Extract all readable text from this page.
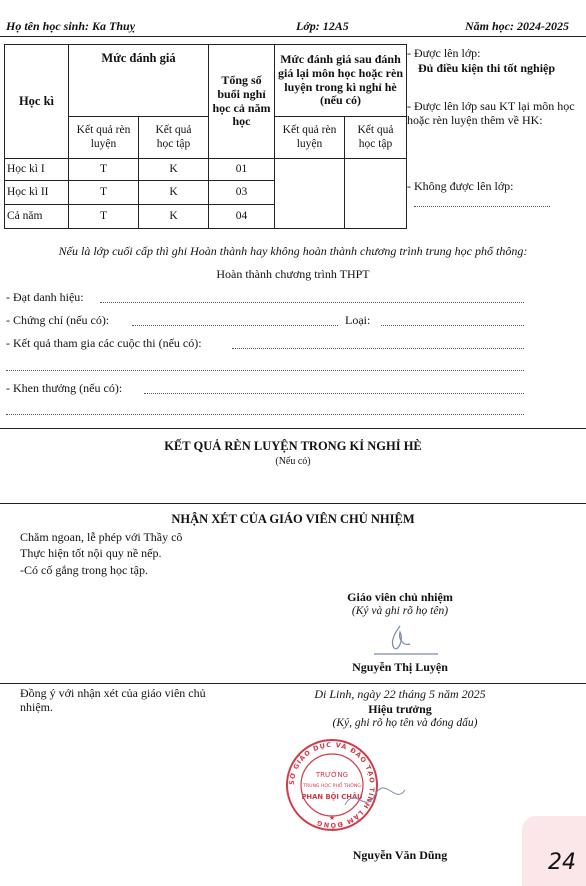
Họ tên học sinh: Ka Thuỵ	Lớp: 12A5	Năm học: 2024-2025
Học kì	Mức đánh giá		Tổng số buổi nghỉ học cả năm học	Mức đánh giá sau đánh giá lại môn học hoặc rèn luyện trong kì nghỉ hè (nếu có)	
	Kết quả rèn luyện	Kết quả học tập		Kết quả rèn luyện	Kết quả học tập
Học kì I	T	K	01		
Học kì II	T	K	03		
Cả năm	T	K	04		
- Được lên lớp:
Đủ điều kiện thi tốt nghiệp
- Được lên lớp sau KT lại môn học hoặc rèn luyện thêm về HK:
- Không được lên lớp:
Nếu là lớp cuối cấp thì ghi Hoàn thành hay không hoàn thành chương trình trung học phổ thông:
Hoàn thành chương trình THPT
- Đạt danh hiệu:
- Chứng chỉ (nếu có):	Loại:
- Kết quả tham gia các cuộc thi (nếu có):
- Khen thưởng (nếu có):
KẾT QUẢ RÈN LUYỆN TRONG KỈ NGHỈ HÈ
(Nếu có)
NHẬN XÉT CỦA GIÁO VIÊN CHỦ NHIỆM
Chăm ngoan, lễ phép với Thầy cô
Thực hiện tốt nội quy nề nếp.
-Có cố gắng trong học tập.
Giáo viên chủ nhiệm
(Ký và ghi rõ họ tên)
Nguyễn Thị Luyện
Đồng ý với nhận xét của giáo viên chủ nhiệm.
Di Linh, ngày 22 tháng 5 năm 2025
Hiệu trưởng
(Ký, ghi rõ họ tên và đóng dấu)
SỞ GIÁO DỤC VÀ ĐÀO TẠO TỈNH LÂM ĐỒNG
TRƯỜNG
TRUNG HỌC PHỔ THÔNG
PHAN BỘI CHÂU
★
Nguyễn Văn Dũng	24
